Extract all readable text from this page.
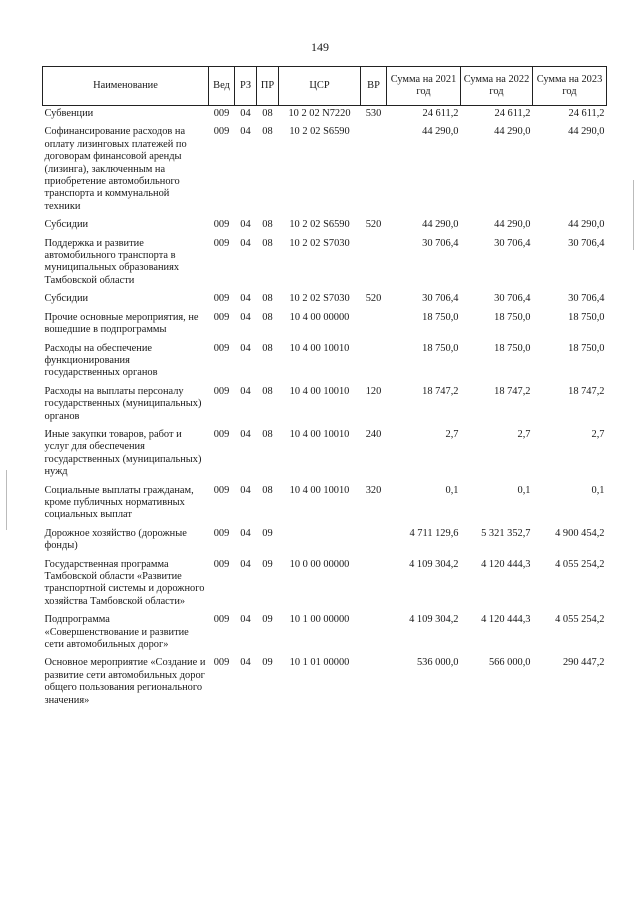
149
Наименование	Вед	РЗ	ПР	ЦСР	ВР	Сумма на 2021 год	Сумма на 2022 год	Сумма на 2023 год
Субвенции	009	04	08	10 2 02 N7220	530	24 611,2	24 611,2	24 611,2
Софинансирование расходов на оплату лизинговых платежей по договорам финансовой аренды (лизинга), заключенным на приобретение автомобильного транспорта и коммунальной техники	009	04	08	10 2 02 S6590		44 290,0	44 290,0	44 290,0
Субсидии	009	04	08	10 2 02 S6590	520	44 290,0	44 290,0	44 290,0
Поддержка и развитие автомобильного транспорта в муниципальных образованиях Тамбовской области	009	04	08	10 2 02 S7030		30 706,4	30 706,4	30 706,4
Субсидии	009	04	08	10 2 02 S7030	520	30 706,4	30 706,4	30 706,4
Прочие основные мероприятия, не вошедшие в подпрограммы	009	04	08	10 4 00 00000		18 750,0	18 750,0	18 750,0
Расходы на обеспечение функционирования государственных органов	009	04	08	10 4 00 10010		18 750,0	18 750,0	18 750,0
Расходы на выплаты персоналу государственных (муниципальных) органов	009	04	08	10 4 00 10010	120	18 747,2	18 747,2	18 747,2
Иные закупки товаров, работ и услуг для обеспечения государственных (муниципальных) нужд	009	04	08	10 4 00 10010	240	2,7	2,7	2,7
Социальные выплаты гражданам, кроме публичных нормативных социальных выплат	009	04	08	10 4 00 10010	320	0,1	0,1	0,1
Дорожное хозяйство (дорожные фонды)	009	04	09			4 711 129,6	5 321 352,7	4 900 454,2
Государственная программа Тамбовской области «Развитие транспортной системы и дорожного хозяйства Тамбовской области»	009	04	09	10 0 00 00000		4 109 304,2	4 120 444,3	4 055 254,2
Подпрограмма «Совершенствование и развитие сети автомобильных дорог»	009	04	09	10 1 00 00000		4 109 304,2	4 120 444,3	4 055 254,2
Основное мероприятие «Создание и развитие сети автомобильных дорог общего пользования регионального значения»	009	04	09	10 1 01 00000		536 000,0	566 000,0	290 447,2
